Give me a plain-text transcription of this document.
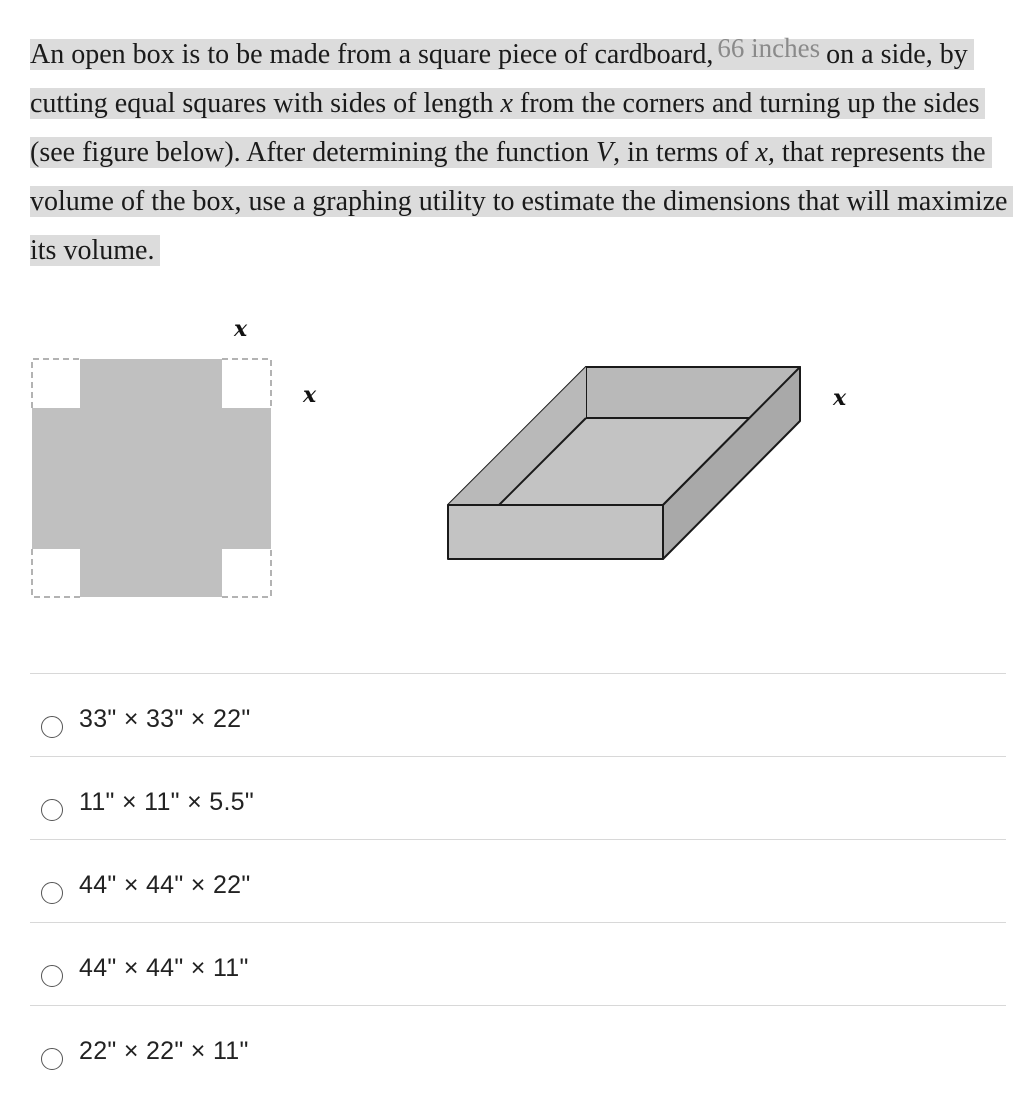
An open box is to be made from a square piece of cardboard, 66 inches on a side, by cutting equal squares with sides of length x from the corners and turning up the sides (see figure below). After determining the function V, in terms of x, that represents the volume of the box, use a graphing utility to estimate the dimensions that will maximize its volume.
x
x	x
33" × 33" × 22"
11" × 11" × 5.5"
44" × 44" × 22"
44" × 44" × 11"
22" × 22" × 11"
